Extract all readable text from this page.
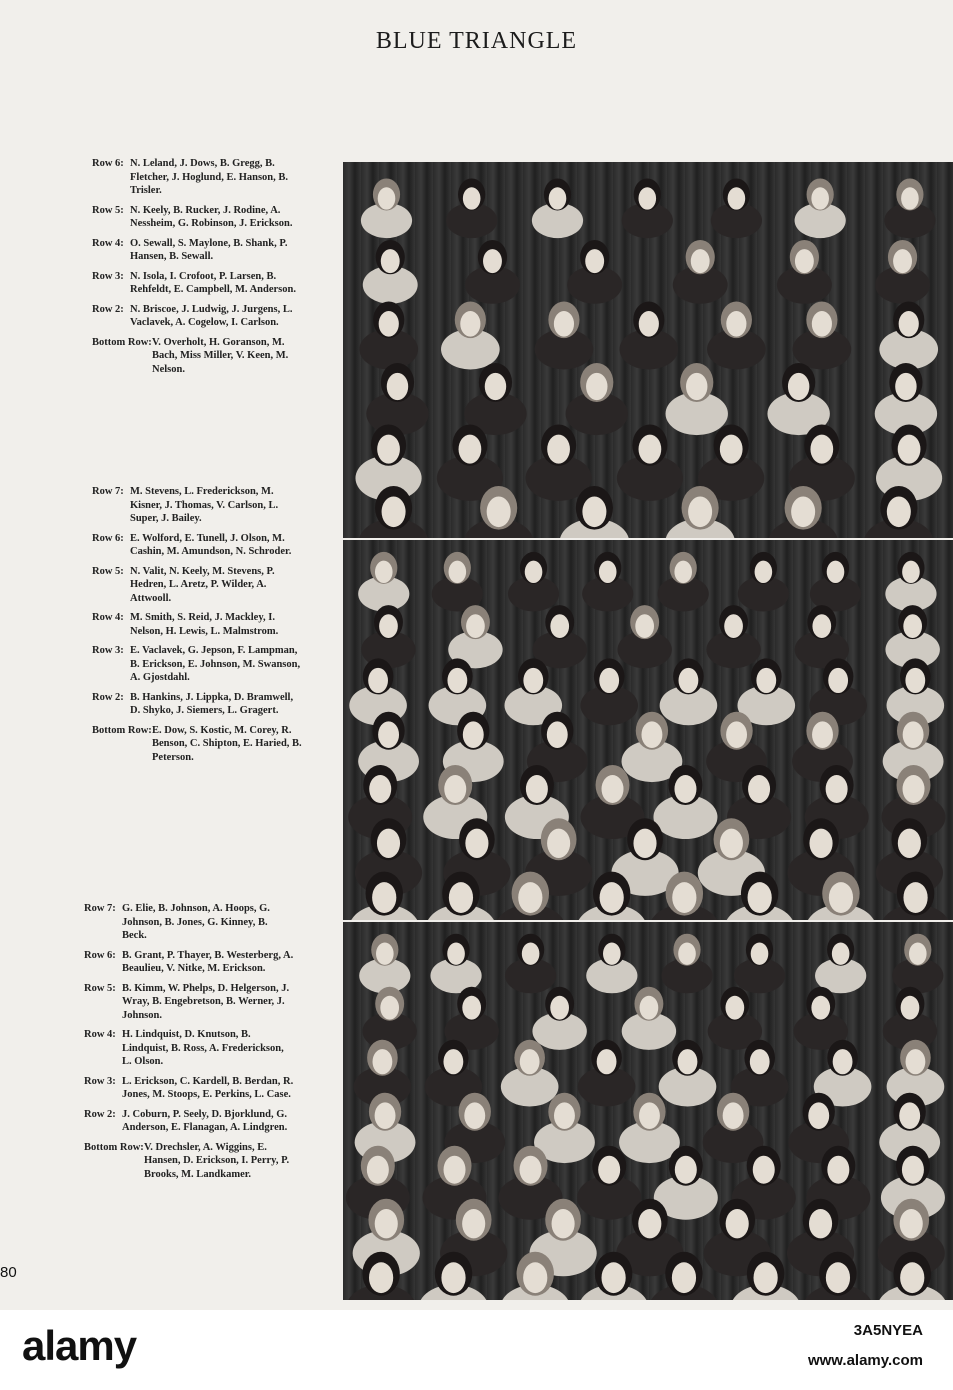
BLUE TRIANGLE
Row 6: N. Leland, J. Dows, B. Gregg, B. Fletcher, J. Hoglund, E. Hanson, B. Trisler.
Row 5: N. Keely, B. Rucker, J. Rodine, A. Nessheim, G. Robinson, J. Erickson.
Row 4: O. Sewall, S. Maylone, B. Shank, P. Hansen, B. Sewall.
Row 3: N. Isola, I. Crofoot, P. Larsen, B. Rehfeldt, E. Campbell, M. Anderson.
Row 2: N. Briscoe, J. Ludwig, J. Jurgens, L. Vaclavek, A. Cogelow, I. Carlson.
Bottom Row: V. Overholt, H. Goranson, M. Bach, Miss Miller, V. Keen, M. Nelson.
Row 7: M. Stevens, L. Frederickson, M. Kisner, J. Thomas, V. Carlson, L. Super, J. Bailey.
Row 6: E. Wolford, E. Tunell, J. Olson, M. Cashin, M. Amundson, N. Schroder.
Row 5: N. Valit, N. Keely, M. Stevens, P. Hedren, L. Aretz, P. Wilder, A. Attwooll.
Row 4: M. Smith, S. Reid, J. Mackley, I. Nelson, H. Lewis, L. Malmstrom.
Row 3: E. Vaclavek, G. Jepson, F. Lampman, B. Erickson, E. Johnson, M. Swanson, A. Gjostdahl.
Row 2: B. Hankins, J. Lippka, D. Bramwell, D. Shyko, J. Siemers, L. Gragert.
Bottom Row: E. Dow, S. Kostic, M. Corey, R. Benson, C. Shipton, E. Haried, B. Peterson.
Row 7: G. Elie, B. Johnson, A. Hoops, G. Johnson, B. Jones, G. Kinney, B. Beck.
Row 6: B. Grant, P. Thayer, B. Westerberg, A. Beaulieu, V. Nitke, M. Erickson.
Row 5: B. Kimm, W. Phelps, D. Helgerson, J. Wray, B. Engebretson, B. Werner, J. Johnson.
Row 4: H. Lindquist, D. Knutson, B. Lindquist, B. Ross, A. Frederickson, L. Olson.
Row 3: L. Erickson, C. Kardell, B. Berdan, R. Jones, M. Stoops, E. Perkins, L. Case.
Row 2: J. Coburn, P. Seely, D. Bjorklund, G. Anderson, E. Flanagan, A. Lindgren.
Bottom Row: V. Drechsler, A. Wiggins, E. Hansen, D. Erickson, I. Perry, P. Brooks, M. Landkamer.
80
alamy	3A5NYEA
www.alamy.com
